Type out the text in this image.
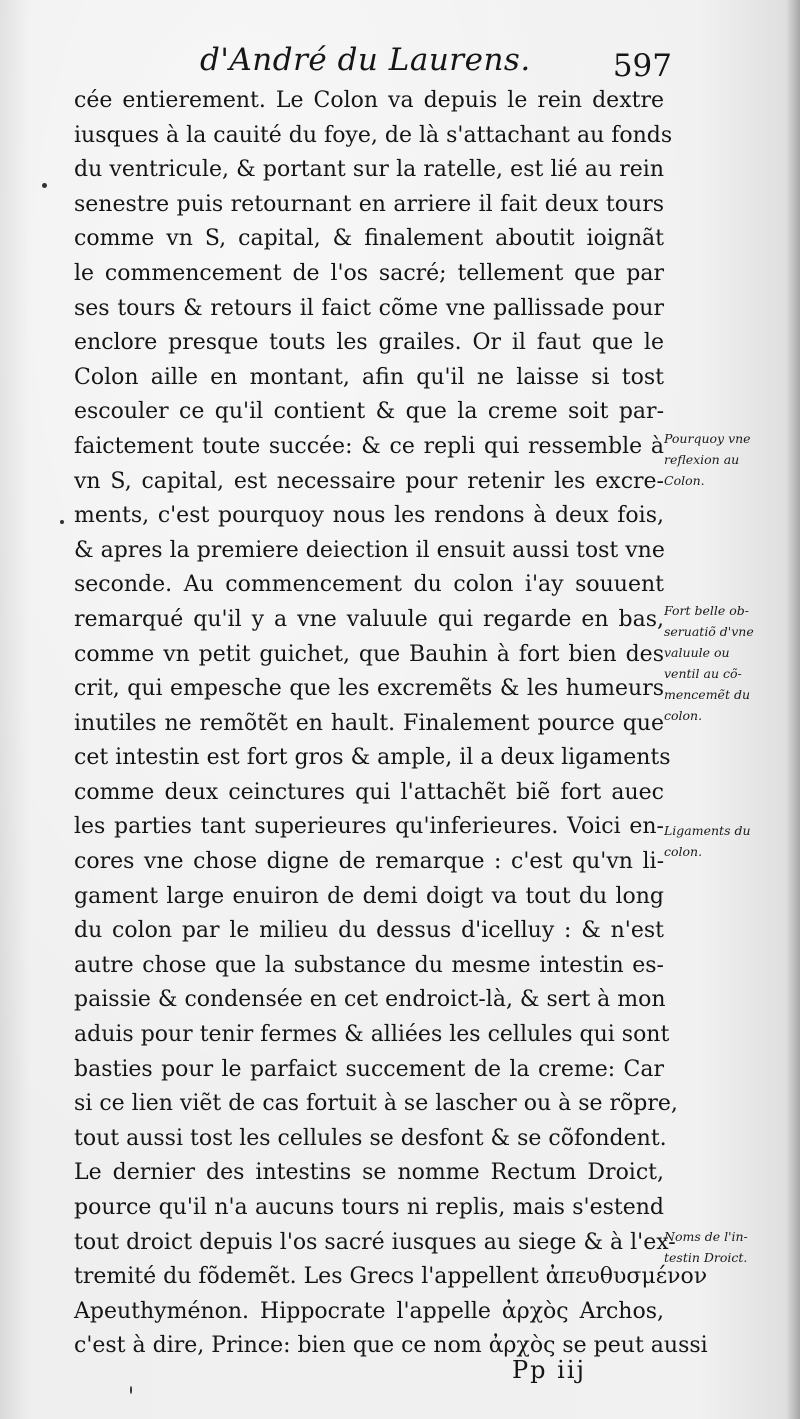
d'André du Laurens.	597
cée entierement. Le Colon va depuis le rein dextre
iusques à la cauité du foye, de là s'attachant au fonds
du ventricule, & portant sur la ratelle, est lié au rein
senestre puis retournant en arriere il fait deux tours
comme vn S, capital, & finalement aboutit ioignãt
le commencement de l'os sacré; tellement que par
ses tours & retours il faict cõme vne pallissade pour
enclore presque touts les grailes. Or il faut que le
Colon aille en montant, afin qu'il ne laisse si tost
escouler ce qu'il contient & que la creme soit par-
faictement toute succée: & ce repli qui ressemble à
vn S, capital, est necessaire pour retenir les excre-
ments, c'est pourquoy nous les rendons à deux fois,
& apres la premiere deiection il ensuit aussi tost vne
seconde. Au commencement du colon i'ay souuent
remarqué qu'il y a vne valuule qui regarde en bas,
comme vn petit guichet, que Bauhin à fort bien des
crit, qui empesche que les excremẽts & les humeurs
inutiles ne remõtẽt en hault. Finalement pource que
cet intestin est fort gros & ample, il a deux ligaments
comme deux ceinctures qui l'attachẽt biẽ fort auec
les parties tant superieures qu'inferieures. Voici en-
cores vne chose digne de remarque : c'est qu'vn li-
gament large enuiron de demi doigt va tout du long
du colon par le milieu du dessus d'icelluy : & n'est
autre chose que la substance du mesme intestin es-
paissie & condensée en cet endroict-là, & sert à mon
aduis pour tenir fermes & alliées les cellules qui sont
basties pour le parfaict succement de la creme: Car
si ce lien viẽt de cas fortuit à se lascher ou à se rõpre,
tout aussi tost les cellules se desfont & se cõfondent.
Le dernier des intestins se nomme Rectum Droict,
pource qu'il n'a aucuns tours ni replis, mais s'estend
tout droict depuis l'os sacré iusques au siege & à l'ex-
tremité du fõdemẽt. Les Grecs l'appellent ἀπευθυσμένον
Apeuthyménon. Hippocrate l'appelle ἀρχὸς Archos,
c'est à dire, Prince: bien que ce nom ἀρχὸς se peut aussi
Pourquoy vne
reflexion au
Colon.
Fort belle ob-
seruatiõ d'vne
valuule ou
ventil au cõ-
mencemẽt du
colon.
Ligaments du
colon.
Noms de l'in-
testin Droict.
Pp iij
